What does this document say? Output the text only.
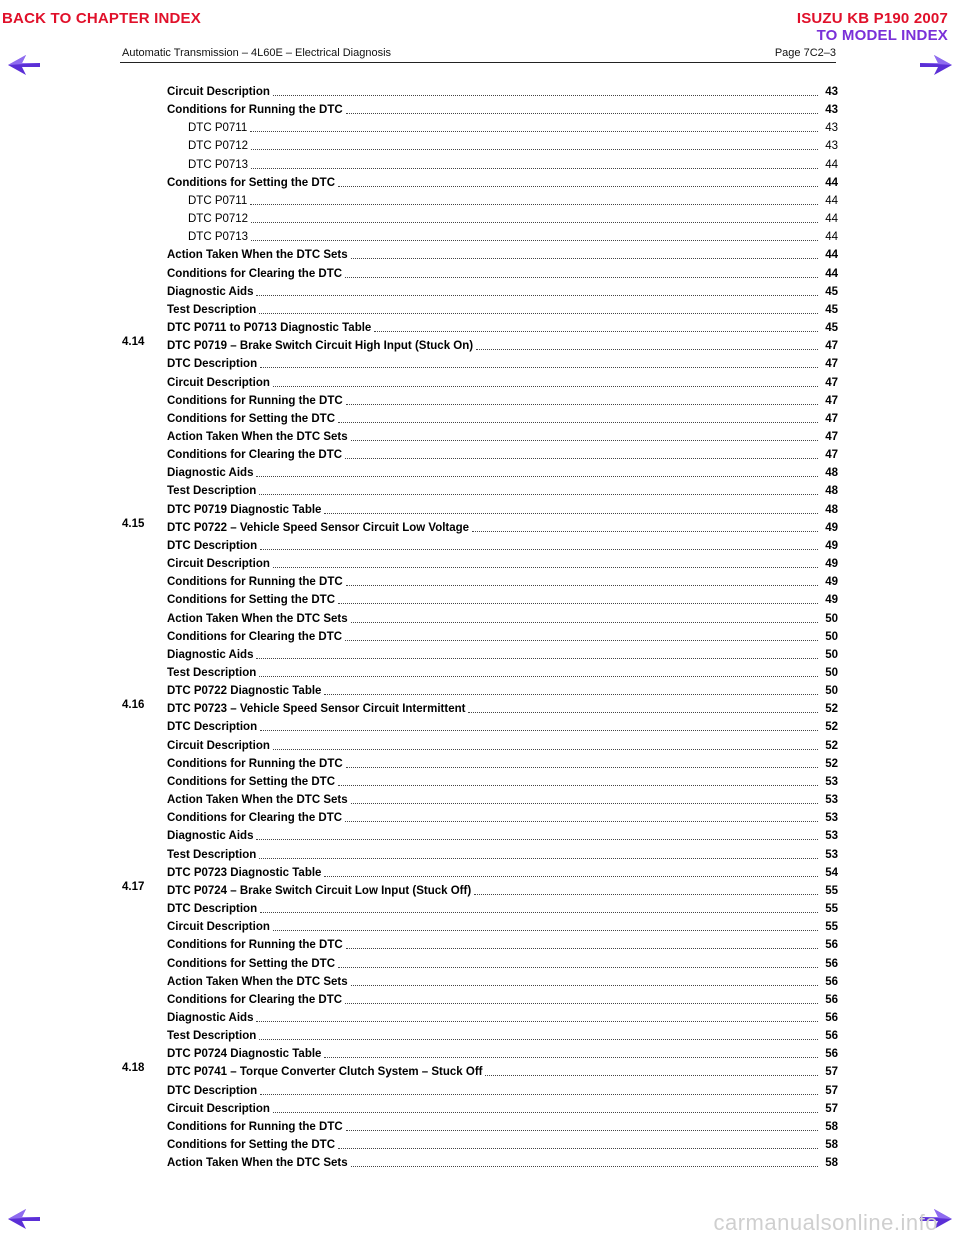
BACK TO CHAPTER INDEX	ISUZU KB P190 2007
TO MODEL INDEX
Automatic Transmission – 4L60E – Electrical Diagnosis	Page 7C2–3
Circuit Description	43
Conditions for Running the DTC	43
DTC P0711	43
DTC P0712	43
DTC P0713	44
Conditions for Setting the DTC	44
DTC P0711	44
DTC P0712	44
DTC P0713	44
Action Taken When the DTC Sets	44
Conditions for Clearing the DTC	44
Diagnostic Aids	45
Test Description	45
DTC P0711 to P0713 Diagnostic Table	45
4.14	DTC P0719 – Brake Switch Circuit High Input (Stuck On)	47
DTC Description	47
Circuit Description	47
Conditions for Running the DTC	47
Conditions for Setting the DTC	47
Action Taken When the DTC Sets	47
Conditions for Clearing the DTC	47
Diagnostic Aids	48
Test Description	48
DTC P0719 Diagnostic Table	48
4.15	DTC P0722 – Vehicle Speed Sensor Circuit Low Voltage	49
DTC Description	49
Circuit Description	49
Conditions for Running the DTC	49
Conditions for Setting the DTC	49
Action Taken When the DTC Sets	50
Conditions for Clearing the DTC	50
Diagnostic Aids	50
Test Description	50
DTC P0722 Diagnostic Table	50
4.16	DTC P0723 – Vehicle Speed Sensor Circuit Intermittent	52
DTC Description	52
Circuit Description	52
Conditions for Running the DTC	52
Conditions for Setting the DTC	53
Action Taken When the DTC Sets	53
Conditions for Clearing the DTC	53
Diagnostic Aids	53
Test Description	53
DTC P0723 Diagnostic Table	54
4.17	DTC P0724 – Brake Switch Circuit Low Input (Stuck Off)	55
DTC Description	55
Circuit Description	55
Conditions for Running the DTC	56
Conditions for Setting the DTC	56
Action Taken When the DTC Sets	56
Conditions for Clearing the DTC	56
Diagnostic Aids	56
Test Description	56
DTC P0724 Diagnostic Table	56
4.18	DTC P0741 – Torque Converter Clutch System – Stuck Off	57
DTC Description	57
Circuit Description	57
Conditions for Running the DTC	58
Conditions for Setting the DTC	58
Action Taken When the DTC Sets	58
carmanualsonline.info
